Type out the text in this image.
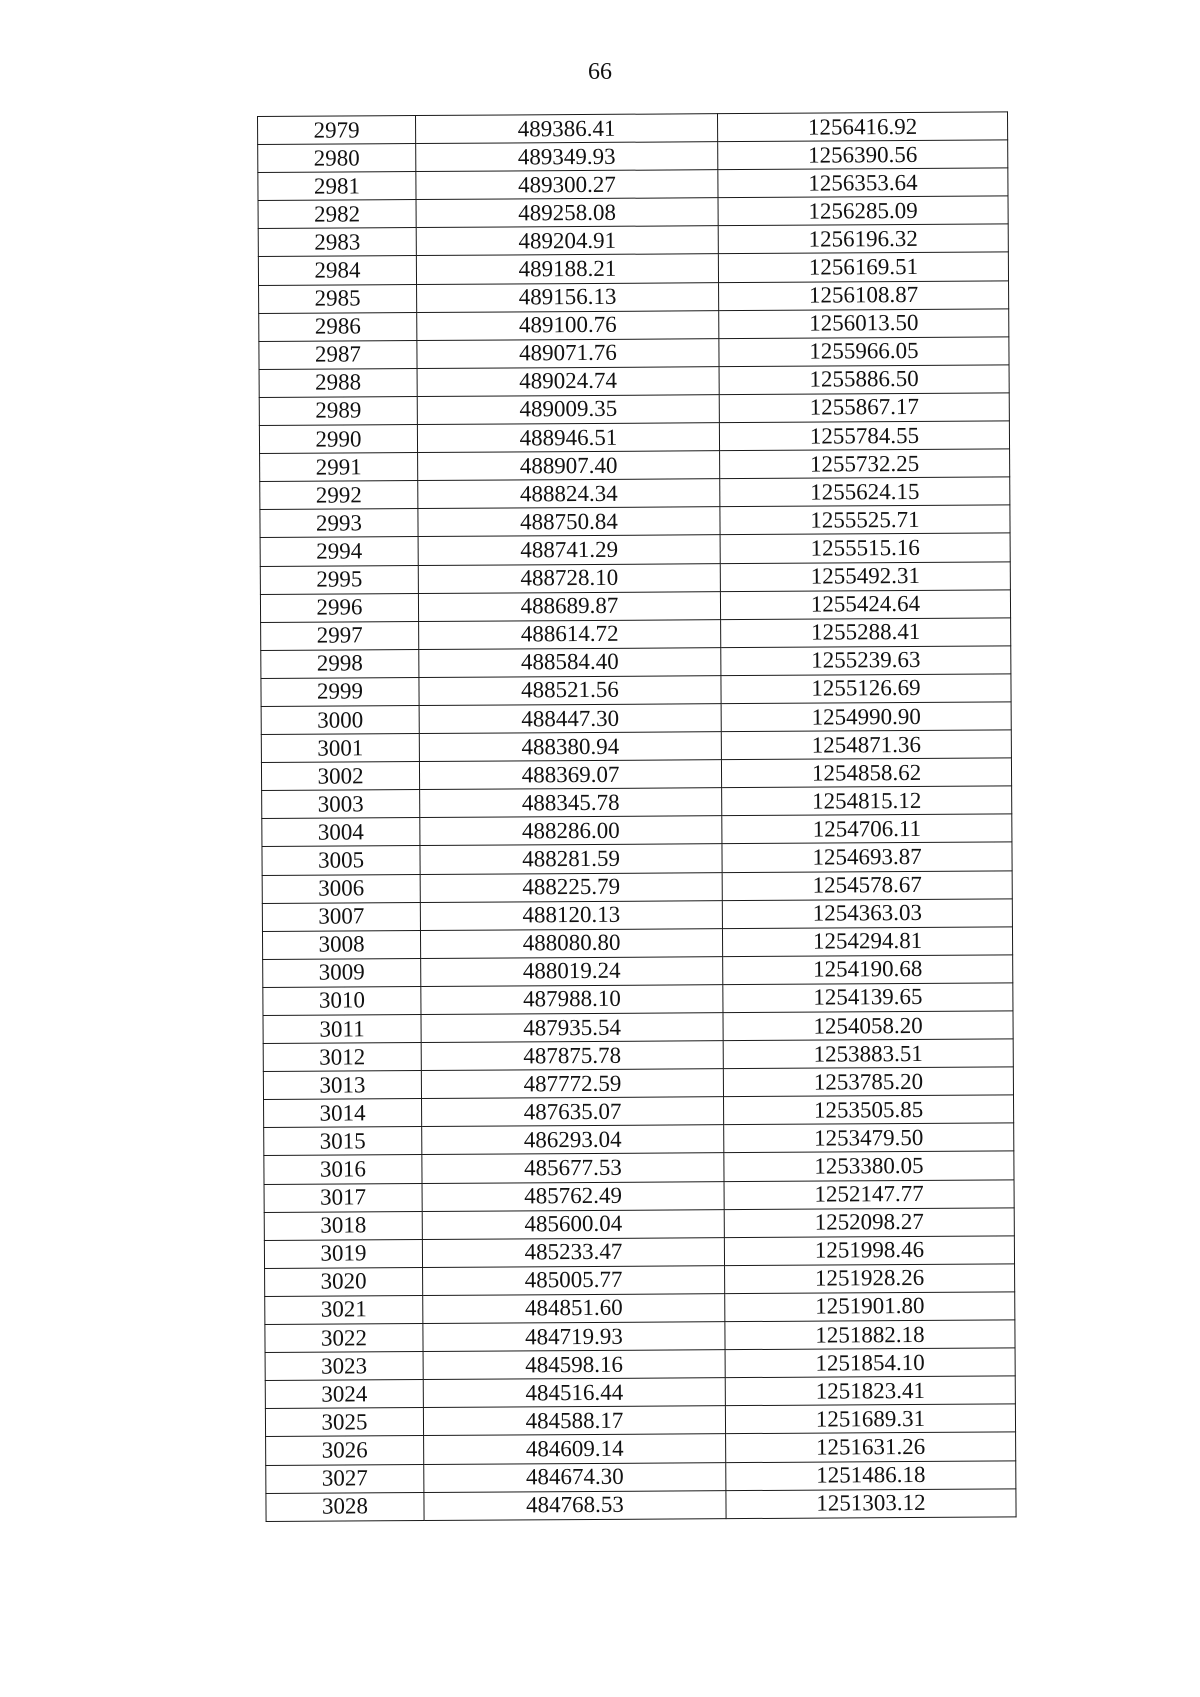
66
2979	489386.41	1256416.92
2980	489349.93	1256390.56
2981	489300.27	1256353.64
2982	489258.08	1256285.09
2983	489204.91	1256196.32
2984	489188.21	1256169.51
2985	489156.13	1256108.87
2986	489100.76	1256013.50
2987	489071.76	1255966.05
2988	489024.74	1255886.50
2989	489009.35	1255867.17
2990	488946.51	1255784.55
2991	488907.40	1255732.25
2992	488824.34	1255624.15
2993	488750.84	1255525.71
2994	488741.29	1255515.16
2995	488728.10	1255492.31
2996	488689.87	1255424.64
2997	488614.72	1255288.41
2998	488584.40	1255239.63
2999	488521.56	1255126.69
3000	488447.30	1254990.90
3001	488380.94	1254871.36
3002	488369.07	1254858.62
3003	488345.78	1254815.12
3004	488286.00	1254706.11
3005	488281.59	1254693.87
3006	488225.79	1254578.67
3007	488120.13	1254363.03
3008	488080.80	1254294.81
3009	488019.24	1254190.68
3010	487988.10	1254139.65
3011	487935.54	1254058.20
3012	487875.78	1253883.51
3013	487772.59	1253785.20
3014	487635.07	1253505.85
3015	486293.04	1253479.50
3016	485677.53	1253380.05
3017	485762.49	1252147.77
3018	485600.04	1252098.27
3019	485233.47	1251998.46
3020	485005.77	1251928.26
3021	484851.60	1251901.80
3022	484719.93	1251882.18
3023	484598.16	1251854.10
3024	484516.44	1251823.41
3025	484588.17	1251689.31
3026	484609.14	1251631.26
3027	484674.30	1251486.18
3028	484768.53	1251303.12
